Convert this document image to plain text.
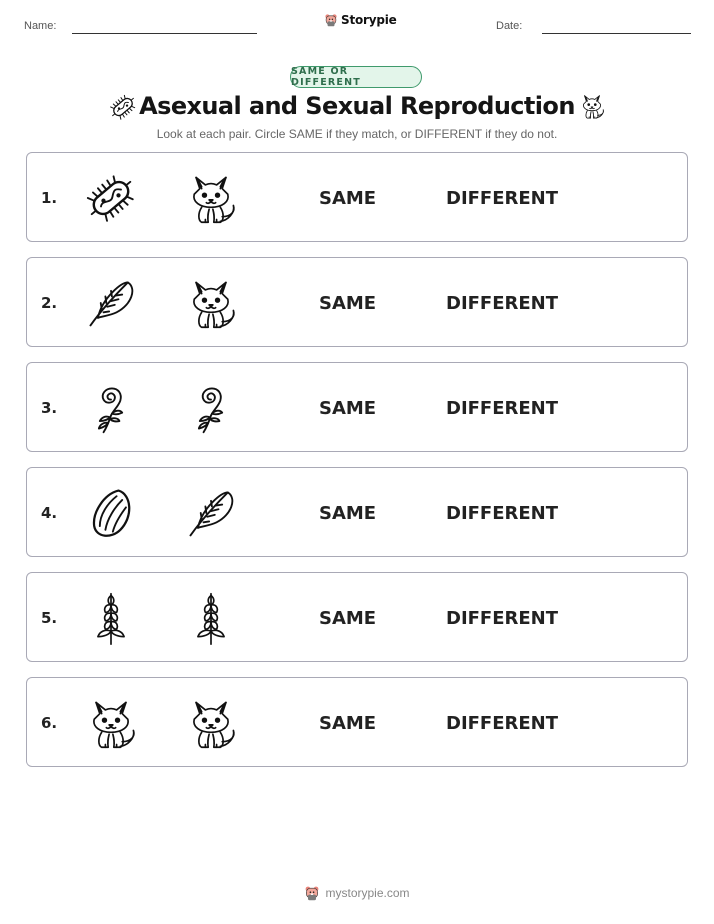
Name:	Storypie	Date:
SAME OR DIFFERENT
Asexual and Sexual Reproduction
Look at each pair. Circle SAME if they match, or DIFFERENT if they do not.
1.	SAME	DIFFERENT
2.	SAME	DIFFERENT
3.	SAME	DIFFERENT
4.	SAME	DIFFERENT
5.	SAME	DIFFERENT
6.	SAME	DIFFERENT
mystorypie.com
